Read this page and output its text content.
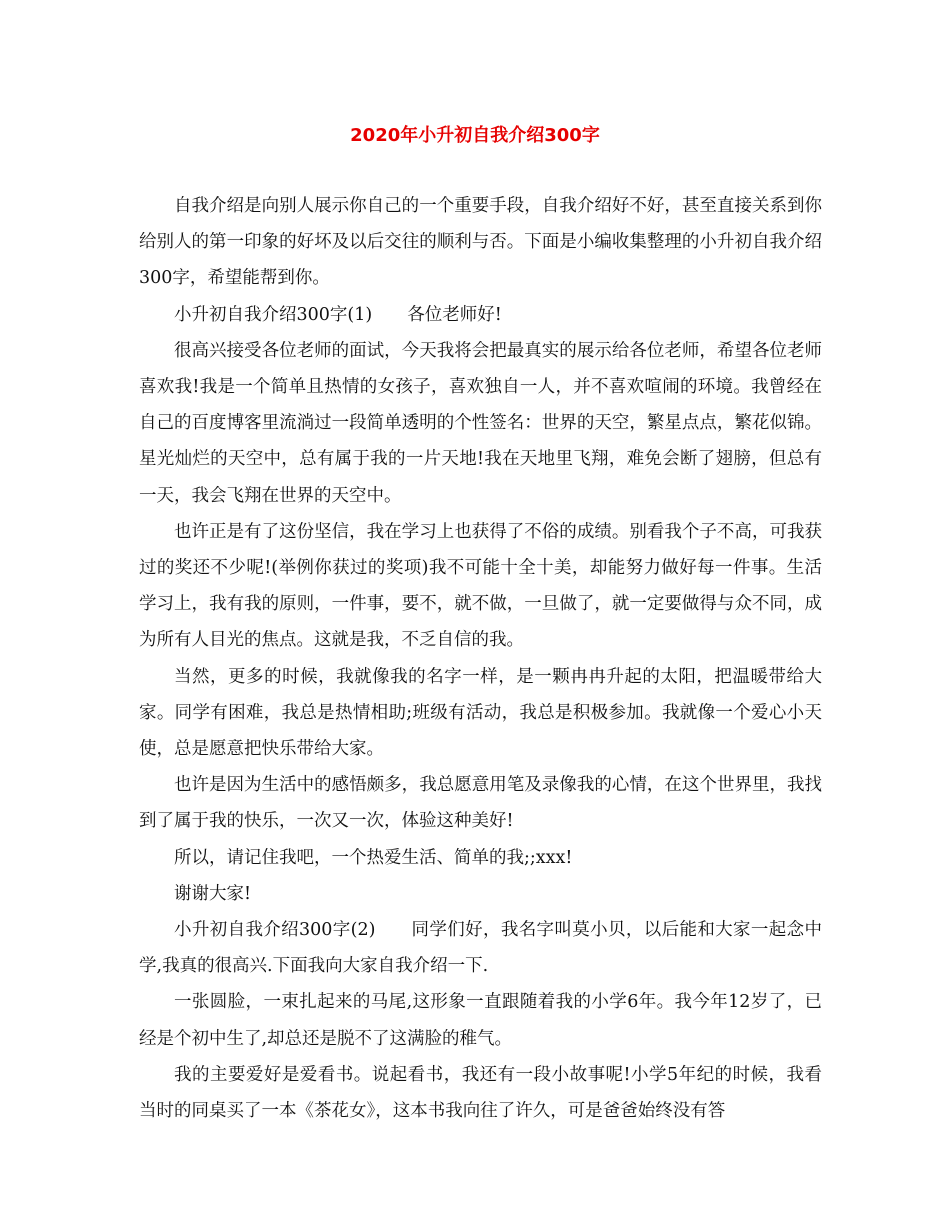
2020年小升初自我介绍300字

自我介绍是向别人展示你自己的一个重要手段，自我介绍好不好，甚至直接关系到你给别人的第一印象的好坏及以后交往的顺利与否。下面是小编收集整理的小升初自我介绍300字，希望能帮到你。

小升初自我介绍300字(1)　　各位老师好!

很高兴接受各位老师的面试，今天我将会把最真实的展示给各位老师，希望各位老师喜欢我!我是一个简单且热情的女孩子，喜欢独自一人，并不喜欢喧闹的环境。我曾经在自己的百度博客里流淌过一段简单透明的个性签名：世界的天空，繁星点点，繁花似锦。星光灿烂的天空中，总有属于我的一片天地!我在天地里飞翔，难免会断了翅膀，但总有一天，我会飞翔在世界的天空中。

也许正是有了这份坚信，我在学习上也获得了不俗的成绩。别看我个子不高，可我获过的奖还不少呢!(举例你获过的奖项)我不可能十全十美，却能努力做好每一件事。生活学习上，我有我的原则，一件事，要不，就不做，一旦做了，就一定要做得与众不同，成为所有人目光的焦点。这就是我，不乏自信的我。

当然，更多的时候，我就像我的名字一样，是一颗冉冉升起的太阳，把温暖带给大家。同学有困难，我总是热情相助;班级有活动，我总是积极参加。我就像一个爱心小天使，总是愿意把快乐带给大家。

也许是因为生活中的感悟颇多，我总愿意用笔及录像我的心情，在这个世界里，我找到了属于我的快乐，一次又一次，体验这种美好!

所以，请记住我吧，一个热爱生活、简单的我;;xxx!

谢谢大家!

小升初自我介绍300字(2)　　同学们好，我名字叫莫小贝，以后能和大家一起念中学,我真的很高兴.下面我向大家自我介绍一下.

一张圆脸，一束扎起来的马尾,这形象一直跟随着我的小学6年。我今年12岁了，已经是个初中生了,却总还是脱不了这满脸的稚气。

我的主要爱好是爱看书。说起看书，我还有一段小故事呢!小学5年纪的时候，我看当时的同桌买了一本《茶花女》，这本书我向往了许久，可是爸爸始终没有答
